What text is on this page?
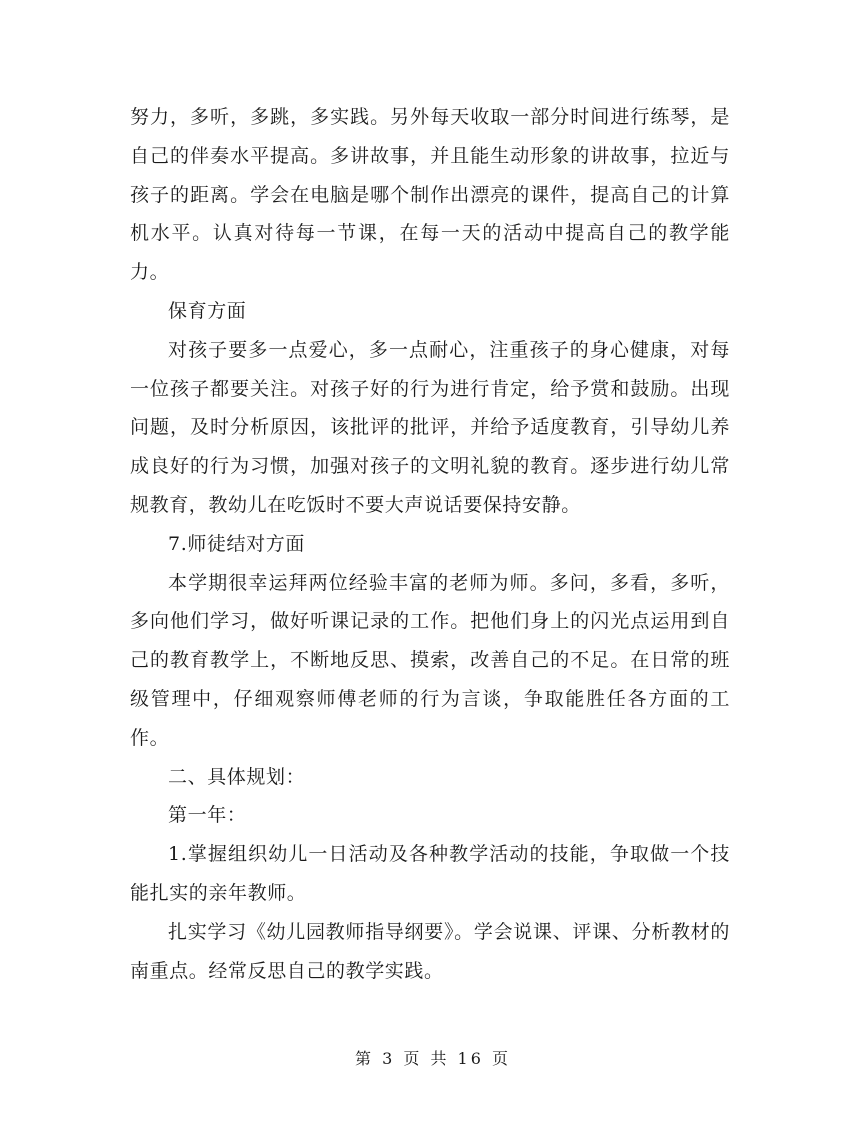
努力，多听，多跳，多实践。另外每天收取一部分时间进行练琴，是自己的伴奏水平提高。多讲故事，并且能生动形象的讲故事，拉近与孩子的距离。学会在电脑是哪个制作出漂亮的课件，提高自己的计算机水平。认真对待每一节课，在每一天的活动中提高自己的教学能力。

保育方面

对孩子要多一点爱心，多一点耐心，注重孩子的身心健康，对每一位孩子都要关注。对孩子好的行为进行肯定，给予赏和鼓励。出现问题，及时分析原因，该批评的批评，并给予适度教育，引导幼儿养成良好的行为习惯，加强对孩子的文明礼貌的教育。逐步进行幼儿常规教育，教幼儿在吃饭时不要大声说话要保持安静。

7.师徒结对方面

本学期很幸运拜两位经验丰富的老师为师。多问，多看，多听，多向他们学习，做好听课记录的工作。把他们身上的闪光点运用到自己的教育教学上，不断地反思、摸索，改善自己的不足。在日常的班级管理中，仔细观察师傅老师的行为言谈，争取能胜任各方面的工作。

二、具体规划：

第一年：

1.掌握组织幼儿一日活动及各种教学活动的技能，争取做一个技能扎实的亲年教师。

扎实学习《幼儿园教师指导纲要》。学会说课、评课、分析教材的南重点。经常反思自己的教学实践。

第 3 页 共 16 页
